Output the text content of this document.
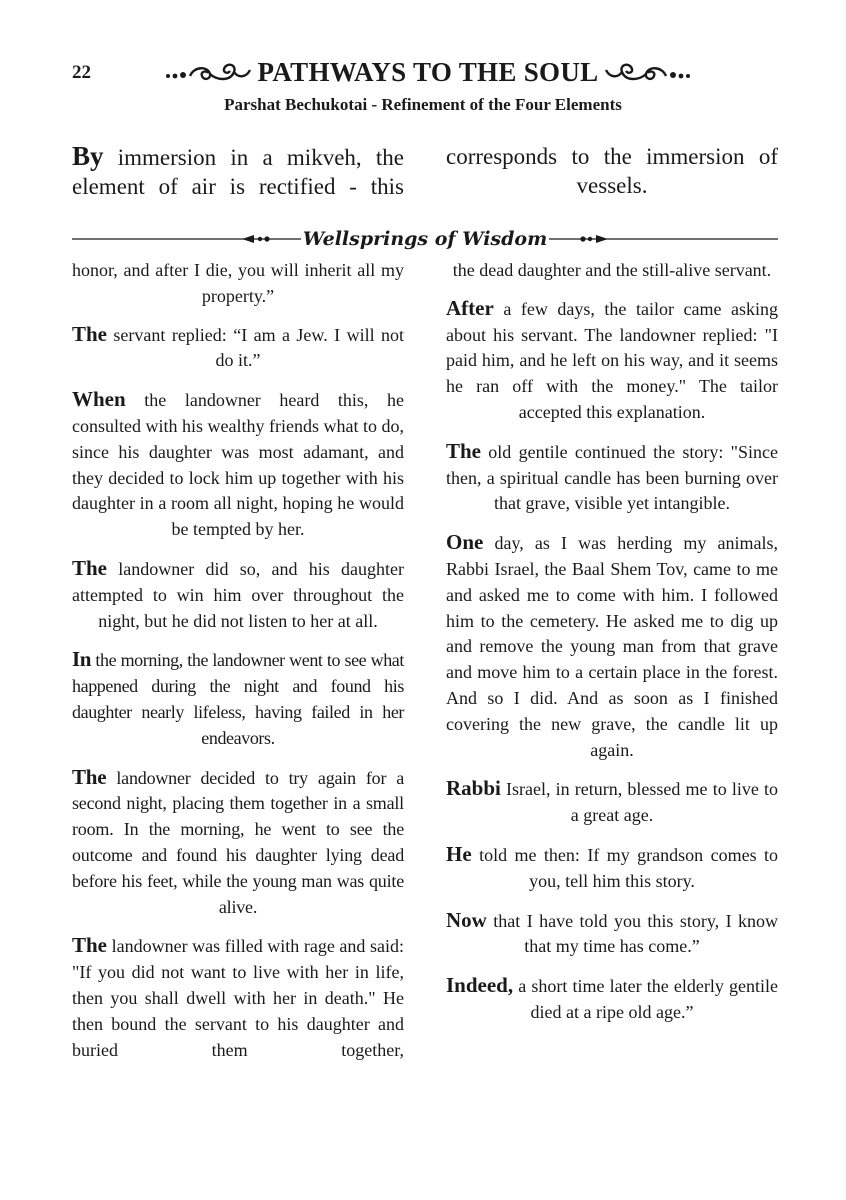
22	PATHWAYS TO THE SOUL
Parshat Bechukotai - Refinement of the Four Elements
By immersion in a mikveh, the element of air is rectified - this corresponds to the immersion of vessels.
Wellsprings of Wisdom

honor, and after I die, you will inherit all my property.”

The servant replied: “I am a Jew. I will not do it.”

When the landowner heard this, he consulted with his wealthy friends what to do, since his daughter was most adamant, and they decided to lock him up together with his daughter in a room all night, hoping he would be tempted by her.

The landowner did so, and his daughter attempted to win him over throughout the night, but he did not listen to her at all.

In the morning, the landowner went to see what happened during the night and found his daughter nearly lifeless, having failed in her endeavors.

The landowner decided to try again for a second night, placing them together in a small room. In the morning, he went to see the outcome and found his daughter lying dead before his feet, while the young man was quite alive.

The landowner was filled with rage and said: "If you did not want to live with her in life, then you shall dwell with her in death." He then bound the servant to his daughter and buried them together,

the dead daughter and the still-alive servant.

After a few days, the tailor came asking about his servant. The landowner replied: "I paid him, and he left on his way, and it seems he ran off with the money." The tailor accepted this explanation.

The old gentile continued the story: "Since then, a spiritual candle has been burning over that grave, visible yet intangible.

One day, as I was herding my animals, Rabbi Israel, the Baal Shem Tov, came to me and asked me to come with him. I followed him to the cemetery. He asked me to dig up and remove the young man from that grave and move him to a certain place in the forest. And so I did. And as soon as I finished covering the new grave, the candle lit up again.

Rabbi Israel, in return, blessed me to live to a great age.

He told me then: If my grandson comes to you, tell him this story.

Now that I have told you this story, I know that my time has come.”

Indeed, a short time later the elderly gentile died at a ripe old age.”
